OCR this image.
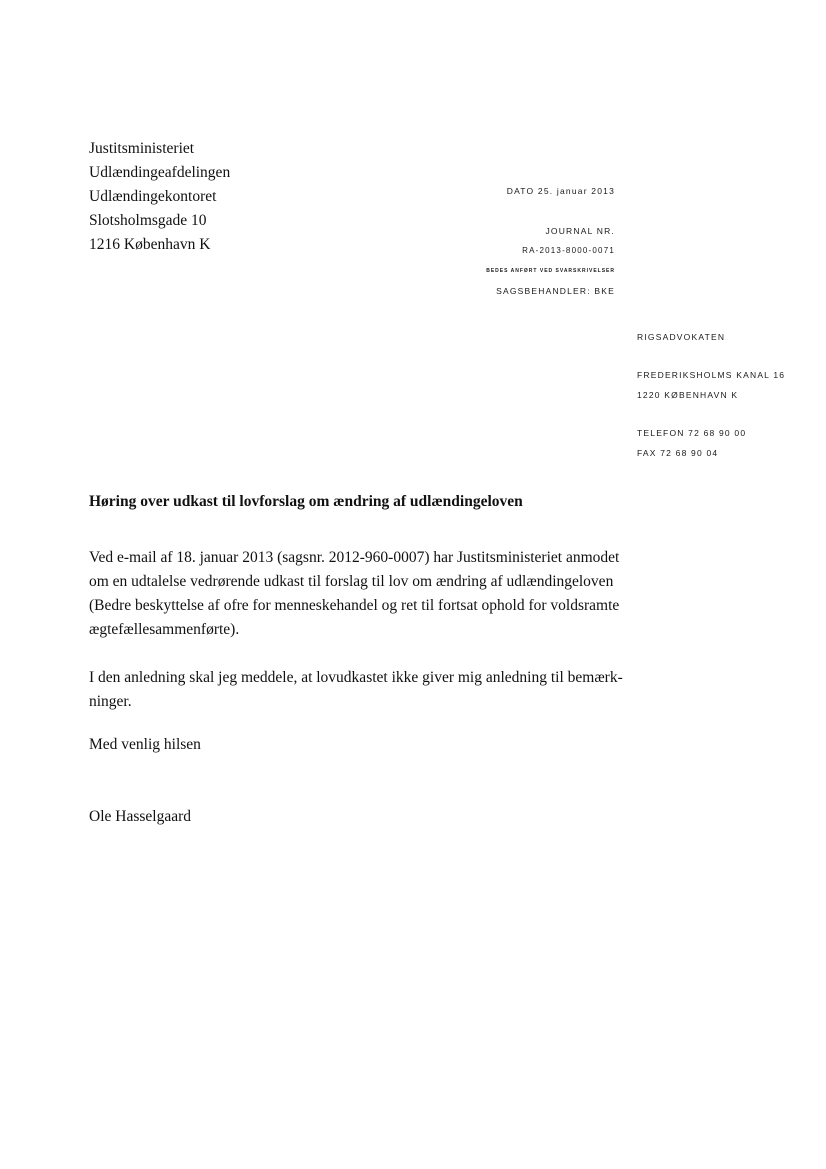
Justitsministeriet
Udlændingeafdelingen
Udlændingekontoret
Slotsholmsgade 10
1216 København K
DATO 25. januar 2013
JOURNAL NR.
RA-2013-8000-0071
BEDES ANFØRT VED SVARSKRIVELSER
SAGSBEHANDLER: BKE
RIGSADVOKATEN
FREDERIKSHOLMS KANAL 16
1220 KØBENHAVN K
TELEFON 72 68 90 00
FAX 72 68 90 04
Høring over udkast til lovforslag om ændring af udlændingeloven
Ved e-mail af 18. januar 2013 (sagsnr. 2012-960-0007) har Justitsministeriet anmodet
om en udtalelse vedrørende udkast til forslag til lov om ændring af udlændingeloven
(Bedre beskyttelse af ofre for menneskehandel og ret til fortsat ophold for voldsramte
ægtefællesammenførte).
I den anledning skal jeg meddele, at lovudkastet ikke giver mig anledning til bemærk-
ninger.
Med venlig hilsen
Ole Hasselgaard
